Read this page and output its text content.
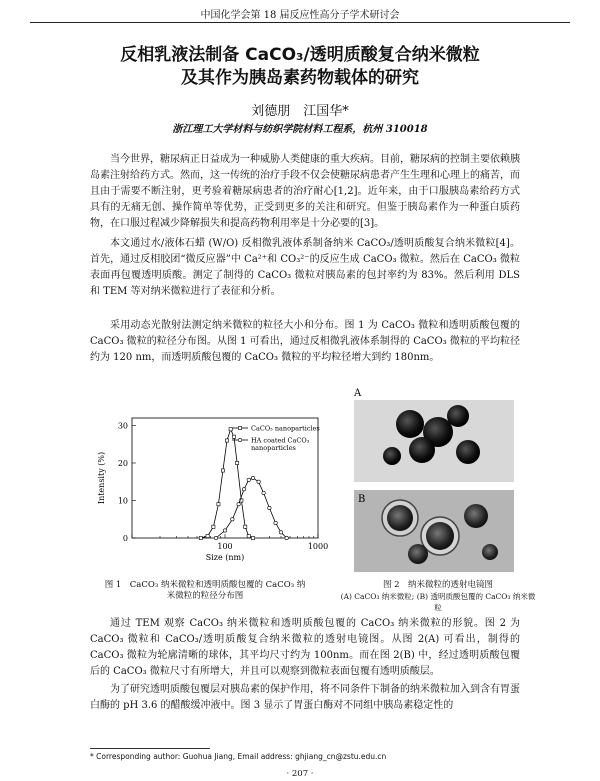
中国化学会第 18 届反应性高分子学术研讨会
反相乳液法制备 CaCO₃/透明质酸复合纳米微粒
及其作为胰岛素药物载体的研究
刘德朋　江国华*
浙江理工大学材料与纺织学院材料工程系，杭州 310018

当今世界，糖尿病正日益成为一种威胁人类健康的重大疾病。目前，糖尿病的控制主要依赖胰岛素注射给药方式。然而，这一传统的治疗手段不仅会使糖尿病患者产生生理和心理上的痛苦，而且由于需要不断注射，更考验着糖尿病患者的治疗耐心[1,2]。近年来，由于口服胰岛素给药方式具有的无痛无创、操作简单等优势，正受到更多的关注和研究。但鉴于胰岛素作为一种蛋白质药物，在口服过程减少降解损失和提高药物利用率是十分必要的[3]。

本文通过水/液体石蜡 (W/O) 反相微乳液体系制备纳米 CaCO₃/透明质酸复合纳米微粒[4]。首先，通过反相胶团“微反应器”中 Ca²⁺和 CO₃²⁻的反应生成 CaCO₃ 微粒。然后在 CaCO₃ 微粒表面再包覆透明质酸。测定了制得的 CaCO₃ 微粒对胰岛素的包封率约为 83%。然后利用 DLS 和 TEM 等对纳米微粒进行了表征和分析。

采用动态光散射法测定纳米微粒的粒径大小和分布。图 1 为 CaCO₃ 微粒和透明质酸包覆的 CaCO₃ 微粒的粒径分布图。从图 1 可看出，通过反相微乳液体系制得的 CaCO₃ 微粒的平均粒径约为 120 nm，而透明质酸包覆的 CaCO₃ 微粒的平均粒径增大到约 180nm。

100	1000
0
10
20
30
Size (nm)
Intensity (%)
CaCO₃ nanoparticles
HA coated CaCO₃
nanoparticles
图 1　CaCO₃ 纳米微粒和透明质酸包覆的 CaCO₃ 纳
米微粒的粒径分布图
A
B
图 2　纳米微粒的透射电镜图
(A) CaCO₃ 纳米微粒; (B) 透明质酸包覆的 CaCO₃ 纳米微粒

通过 TEM 观察 CaCO₃ 纳米微粒和透明质酸包覆的 CaCO₃ 纳米微粒的形貌。图 2 为 CaCO₃ 微粒和 CaCO₃/透明质酸复合纳米微粒的透射电镜图。从图 2(A) 可看出，制得的 CaCO₃ 微粒为轮廓清晰的球体，其平均尺寸约为 100nm。而在图 2(B) 中，经过透明质酸包覆后的 CaCO₃ 微粒尺寸有所增大，并且可以观察到微粒表面包覆有透明质酸层。

为了研究透明质酸包覆层对胰岛素的保护作用，将不同条件下制备的纳米微粒加入到含有胃蛋白酶的 pH 3.6 的醋酸缓冲液中。图 3 显示了胃蛋白酶对不同组中胰岛素稳定性的

* Corresponding author: Guohua Jiang, Email address: ghjiang_cn@zstu.edu.cn
· 207 ·
